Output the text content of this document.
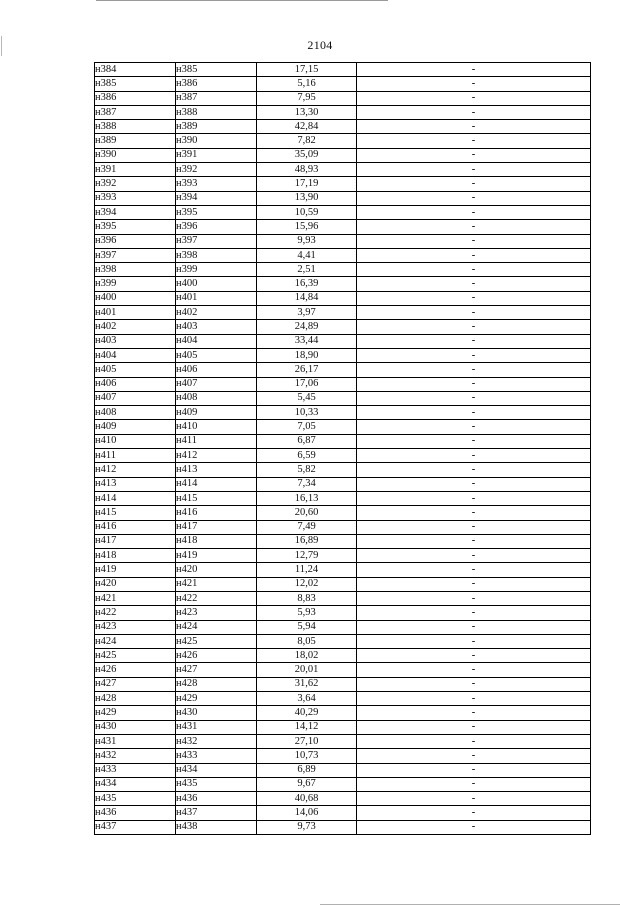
2104
н384	н385	17,15	-
н385	н386	5,16	-
н386	н387	7,95	-
н387	н388	13,30	-
н388	н389	42,84	-
н389	н390	7,82	-
н390	н391	35,09	-
н391	н392	48,93	-
н392	н393	17,19	-
н393	н394	13,90	-
н394	н395	10,59	-
н395	н396	15,96	-
н396	н397	9,93	-
н397	н398	4,41	-
н398	н399	2,51	-
н399	н400	16,39	-
н400	н401	14,84	-
н401	н402	3,97	-
н402	н403	24,89	-
н403	н404	33,44	-
н404	н405	18,90	-
н405	н406	26,17	-
н406	н407	17,06	-
н407	н408	5,45	-
н408	н409	10,33	-
н409	н410	7,05	-
н410	н411	6,87	-
н411	н412	6,59	-
н412	н413	5,82	-
н413	н414	7,34	-
н414	н415	16,13	-
н415	н416	20,60	-
н416	н417	7,49	-
н417	н418	16,89	-
н418	н419	12,79	-
н419	н420	11,24	-
н420	н421	12,02	-
н421	н422	8,83	-
н422	н423	5,93	-
н423	н424	5,94	-
н424	н425	8,05	-
н425	н426	18,02	-
н426	н427	20,01	-
н427	н428	31,62	-
н428	н429	3,64	-
н429	н430	40,29	-
н430	н431	14,12	-
н431	н432	27,10	-
н432	н433	10,73	-
н433	н434	6,89	-
н434	н435	9,67	-
н435	н436	40,68	-
н436	н437	14,06	-
н437	н438	9,73	-
